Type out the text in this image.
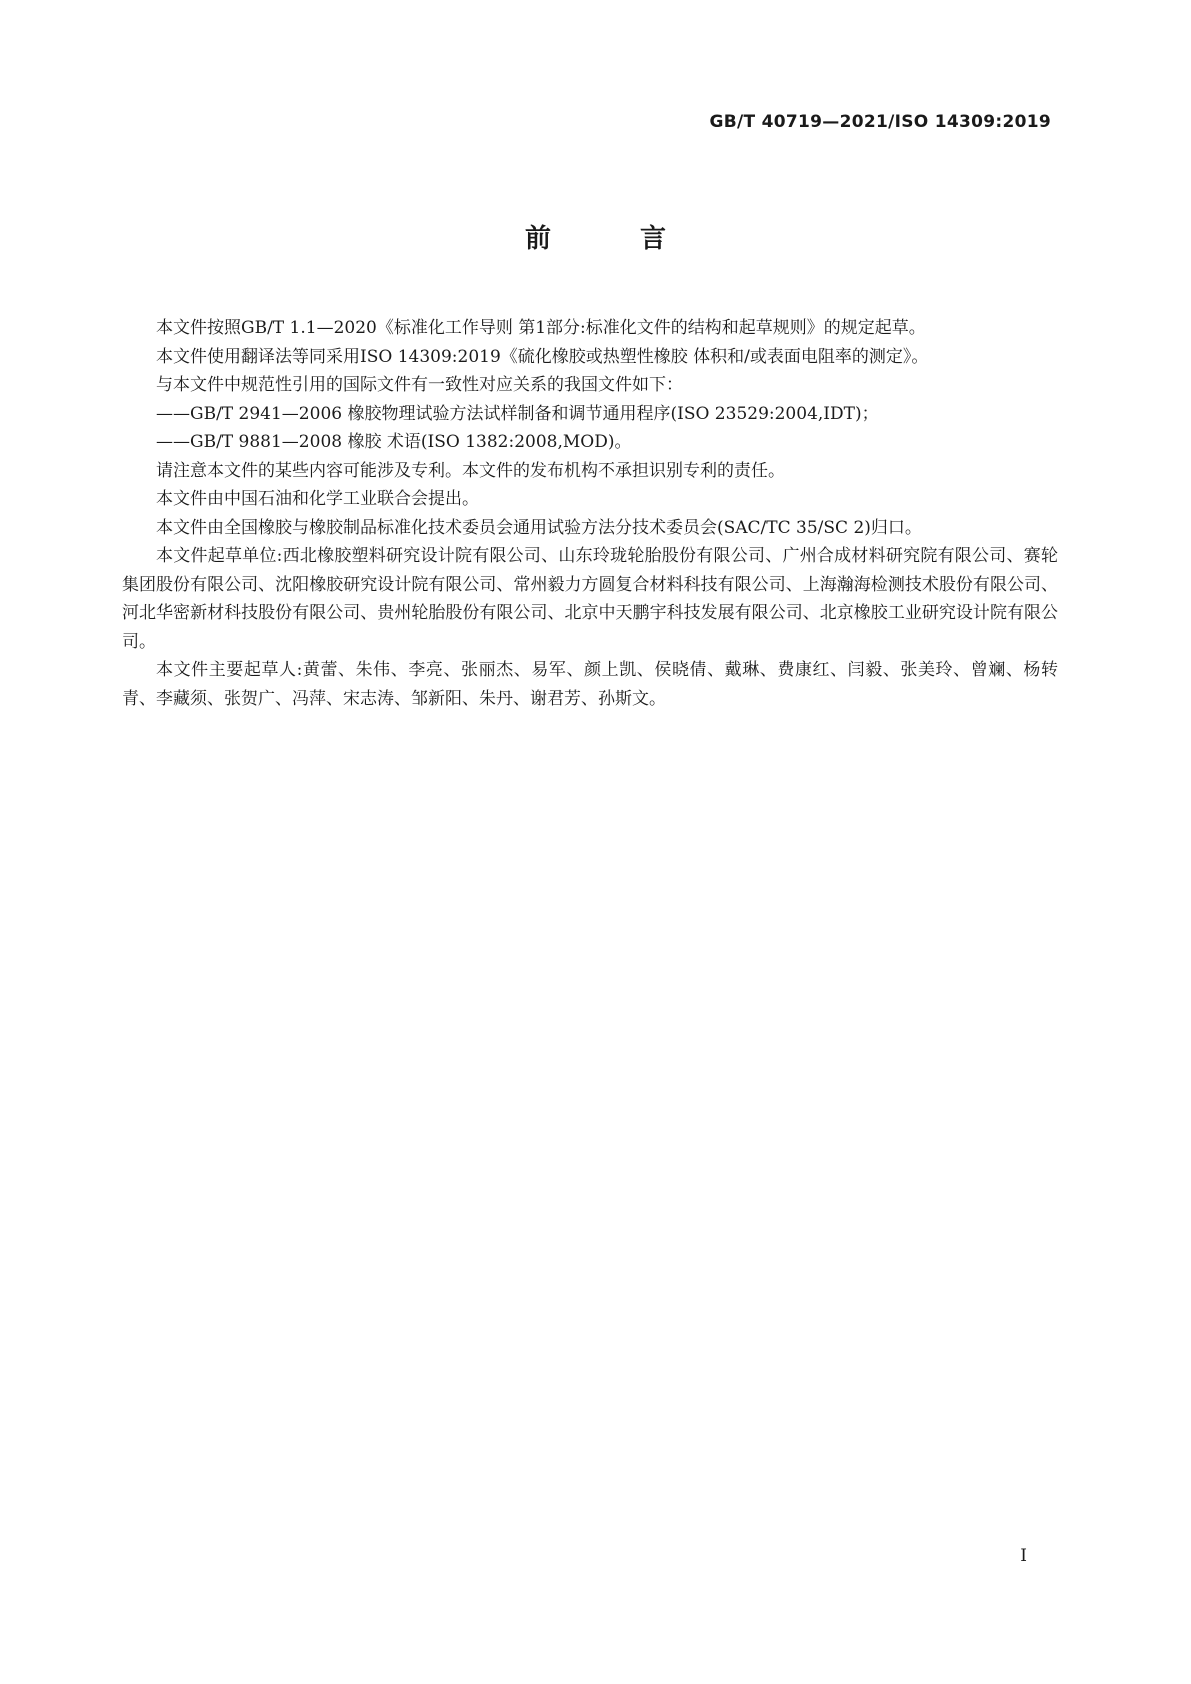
GB/T 40719—2021/ISO 14309:2019
前 言

本文件按照GB/T 1.1—2020《标准化工作导则 第1部分:标准化文件的结构和起草规则》的规定起草。

本文件使用翻译法等同采用ISO 14309:2019《硫化橡胶或热塑性橡胶 体积和/或表面电阻率的测定》。

与本文件中规范性引用的国际文件有一致性对应关系的我国文件如下：

——GB/T 2941—2006 橡胶物理试验方法试样制备和调节通用程序(ISO 23529:2004,IDT)；

——GB/T 9881—2008 橡胶 术语(ISO 1382:2008,MOD)。

请注意本文件的某些内容可能涉及专利。本文件的发布机构不承担识别专利的责任。

本文件由中国石油和化学工业联合会提出。

本文件由全国橡胶与橡胶制品标准化技术委员会通用试验方法分技术委员会(SAC/TC 35/SC 2)归口。

本文件起草单位:西北橡胶塑料研究设计院有限公司、山东玲珑轮胎股份有限公司、广州合成材料研究院有限公司、赛轮集团股份有限公司、沈阳橡胶研究设计院有限公司、常州毅力方圆复合材料科技有限公司、上海瀚海检测技术股份有限公司、河北华密新材科技股份有限公司、贵州轮胎股份有限公司、北京中天鹏宇科技发展有限公司、北京橡胶工业研究设计院有限公司。

本文件主要起草人:黄蕾、朱伟、李亮、张丽杰、易军、颜上凯、侯晓倩、戴琳、费康红、闫毅、张美玲、曾斓、杨转青、李藏须、张贺广、冯萍、宋志涛、邹新阳、朱丹、谢君芳、孙斯文。

I
